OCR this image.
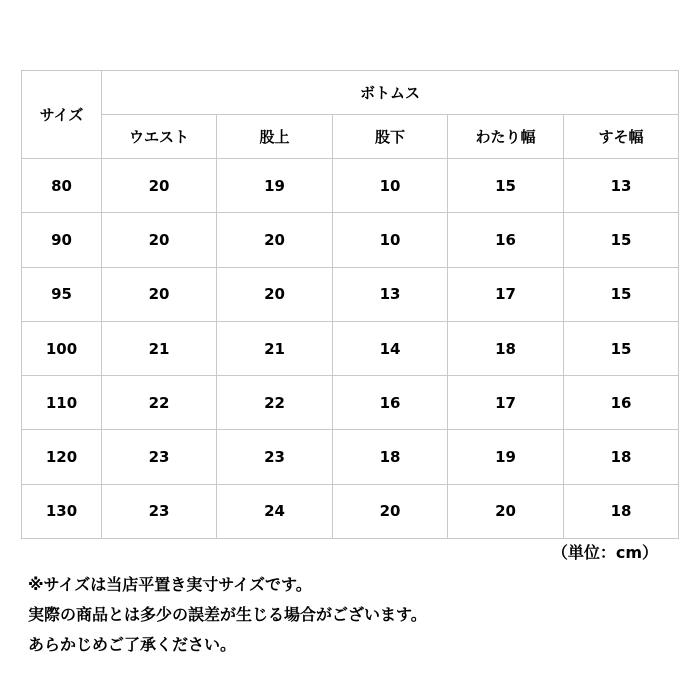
サイズ	ボトムス				
	ウエスト	股上	股下	わたり幅	すそ幅
80	20	19	10	15	13
90	20	20	10	16	15
95	20	20	13	17	15
100	21	21	14	18	15
110	22	22	16	17	16
120	23	23	18	19	18
130	23	24	20	20	18
（単位：cm）
※サイズは当店平置き実寸サイズです。
実際の商品とは多少の誤差が生じる場合がございます。
あらかじめご了承ください。
